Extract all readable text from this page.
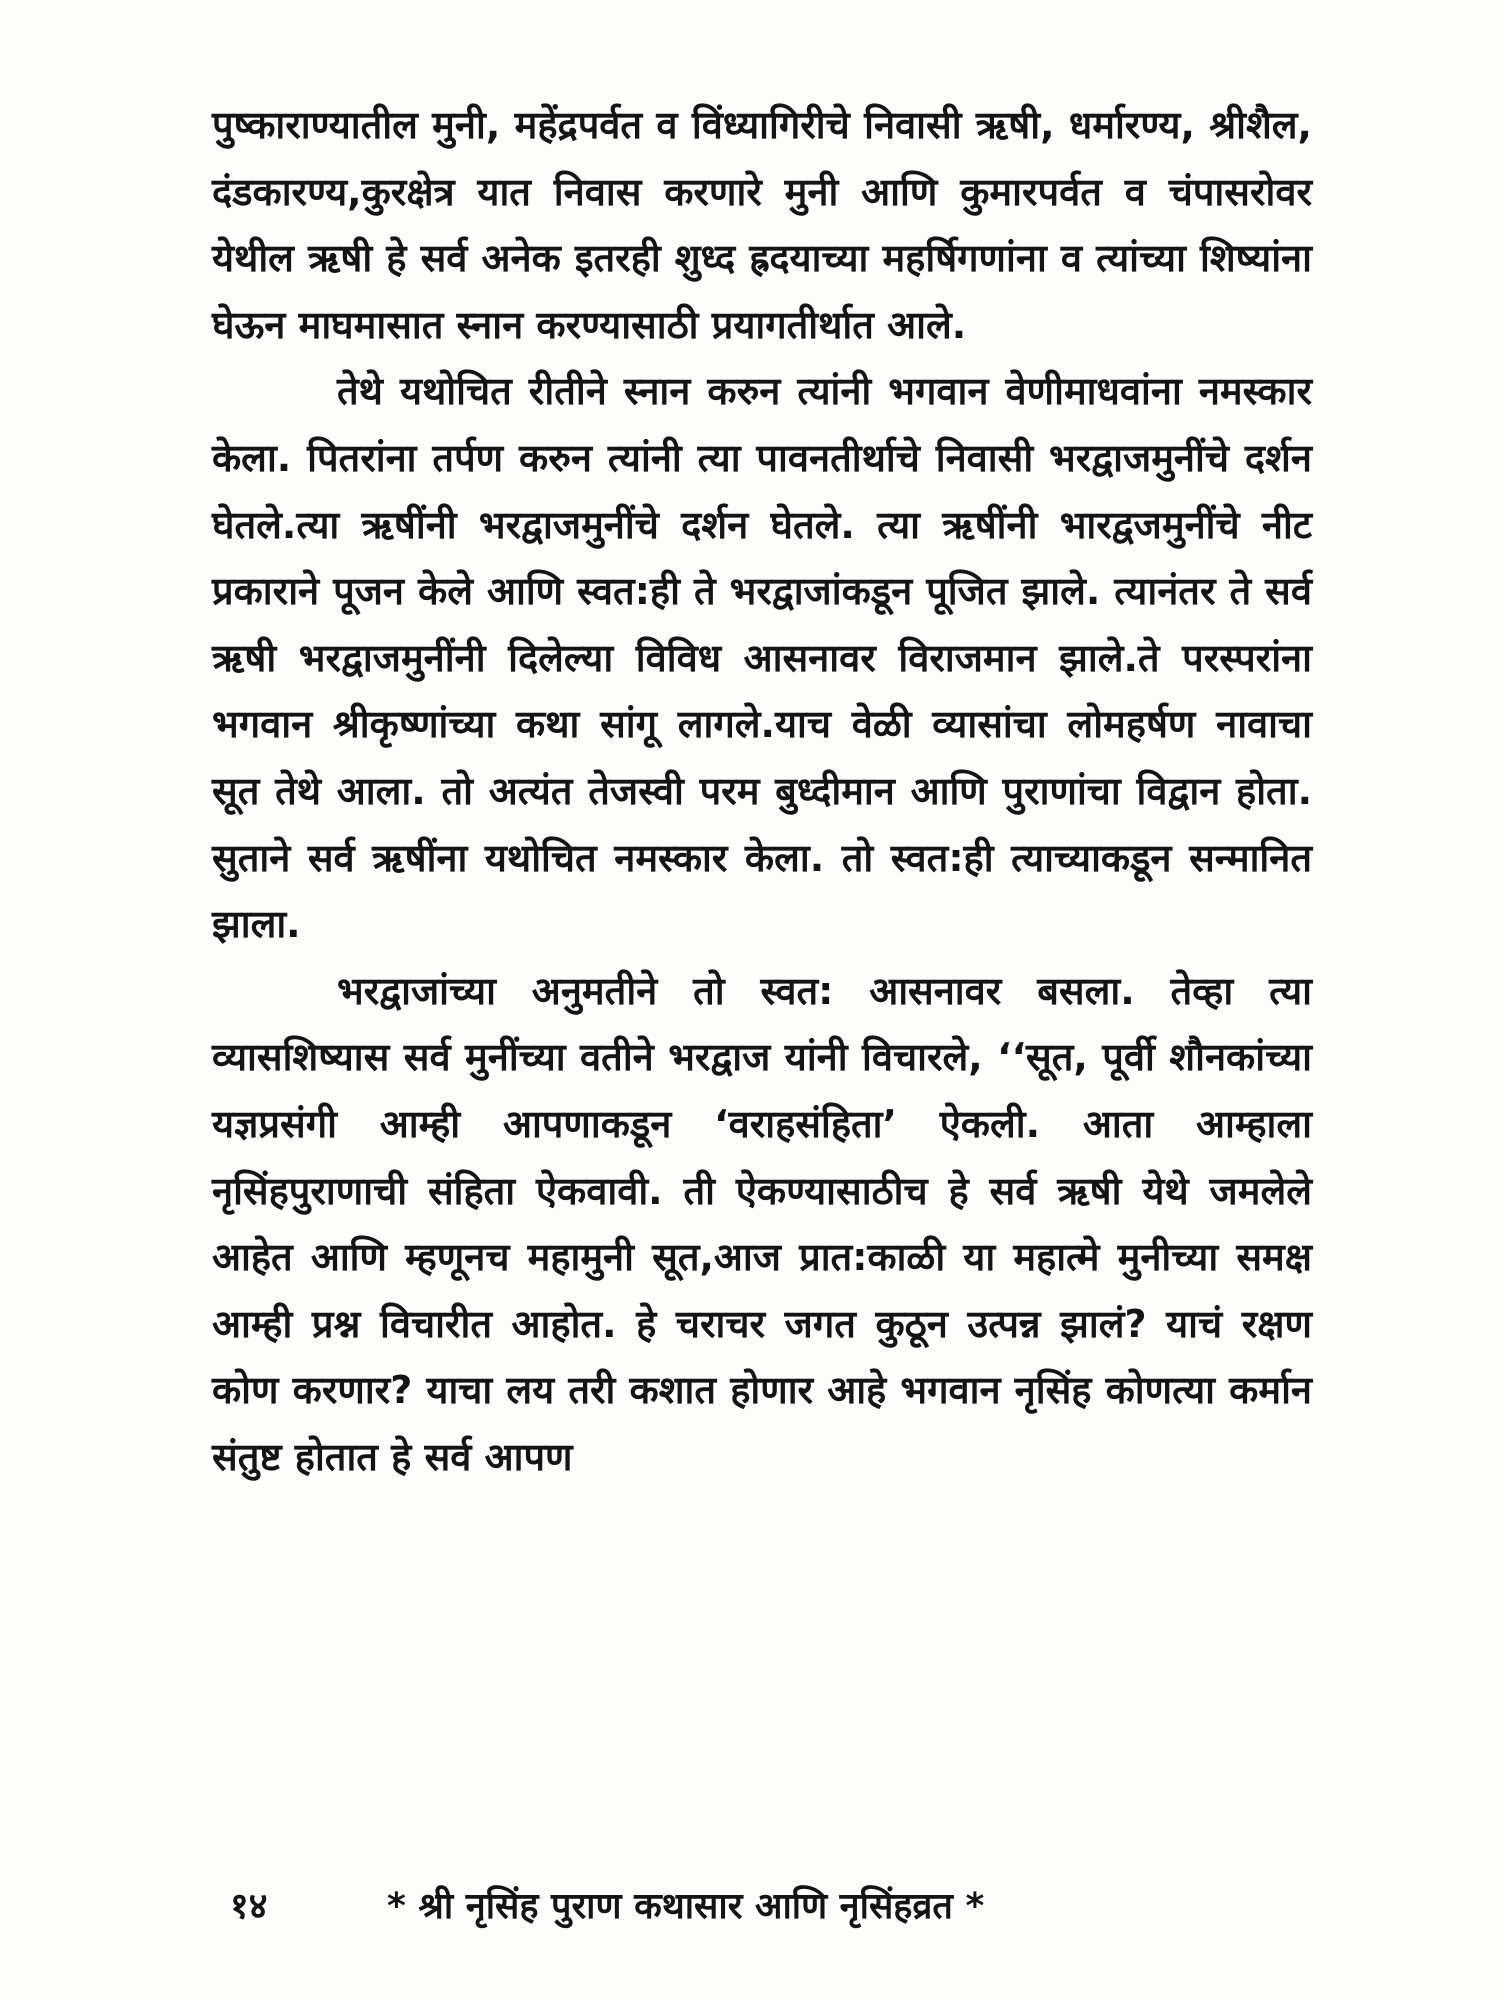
पुष्काराण्यातील मुनी, महेंद्रपर्वत व विंध्यागिरीचे निवासी ऋषी, धर्मारण्य, श्रीशैल, दंडकारण्य,कुरक्षेत्र यात निवास करणारे मुनी आणि कुमारपर्वत व चंपासरोवर येथील ऋषी हे सर्व अनेक इतरही शुध्द ह्रदयाच्या महर्षिगणांना व त्यांच्या शिष्यांना घेऊन माघमासात स्नान करण्यासाठी प्रयागतीर्थात आले.

तेथे यथोचित रीतीने स्नान करुन त्यांनी भगवान वेणीमाधवांना नमस्कार केला. पितरांना तर्पण करुन त्यांनी त्या पावनतीर्थाचे निवासी भरद्वाजमुनींचे दर्शन घेतले.त्या ऋषींनी भरद्वाजमुनींचे दर्शन घेतले. त्या ऋषींनी भारद्वजमुनींचे नीट प्रकाराने पूजन केले आणि स्वत:ही ते भरद्वाजांकडून पूजित झाले. त्यानंतर ते सर्व ऋषी भरद्वाजमुनींनी दिलेल्या विविध आसनावर विराजमान झाले.ते परस्परांना भगवान श्रीकृष्णांच्या कथा सांगू लागले.याच वेळी व्यासांचा लोमहर्षण नावाचा सूत तेथे आला. तो अत्यंत तेजस्वी परम बुध्दीमान आणि पुराणांचा विद्वान होता. सुताने सर्व ऋषींना यथोचित नमस्कार केला. तो स्वत:ही त्याच्याकडून सन्मानित झाला.

भरद्वाजांच्या अनुमतीने तो स्वत: आसनावर बसला. तेव्हा त्या व्यासशिष्यास सर्व मुनींच्या वतीने भरद्वाज यांनी विचारले, ‘‘सूत, पूर्वी शौनकांच्या यज्ञप्रसंगी आम्ही आपणाकडून ‘वराहसंहिता’ ऐकली. आता आम्हाला नृसिंहपुराणाची संहिता ऐकवावी. ती ऐकण्यासाठीच हे सर्व ऋषी येथे जमलेले आहेत आणि म्हणूनच महामुनी सूत,आज प्रात:काळी या महात्मे मुनीच्या समक्ष आम्ही प्रश्न विचारीत आहोत. हे चराचर जगत कुठून उत्पन्न झालं? याचं रक्षण कोण करणार? याचा लय तरी कशात होणार आहे भगवान नृसिंह कोणत्या कर्मान संतुष्ट होतात हे सर्व आपण

१४	* श्री नृसिंह पुराण कथासार आणि नृसिंहव्रत *
